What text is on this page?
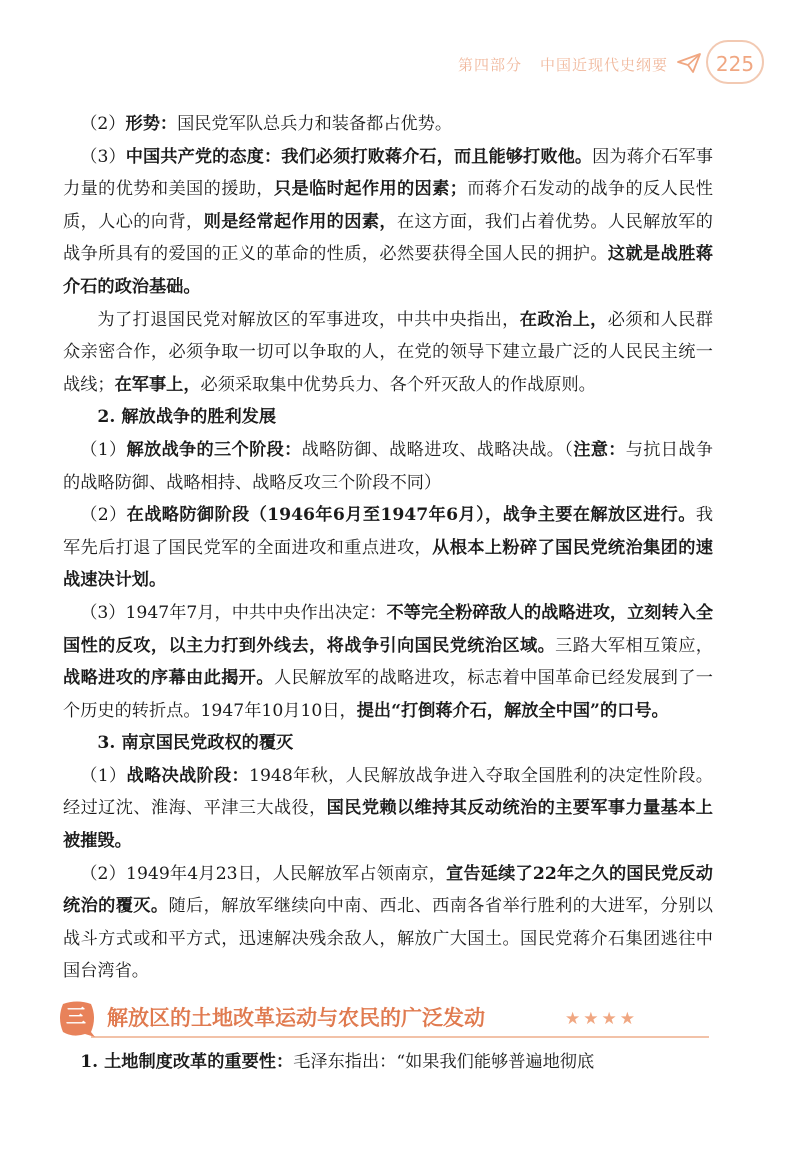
第四部分 中国近现代史纲要	225

（2）形势：国民党军队总兵力和装备都占优势。

（3）中国共产党的态度：我们必须打败蒋介石，而且能够打败他。因为蒋介石军事力量的优势和美国的援助，只是临时起作用的因素；而蒋介石发动的战争的反人民性质，人心的向背，则是经常起作用的因素，在这方面，我们占着优势。人民解放军的战争所具有的爱国的正义的革命的性质，必然要获得全国人民的拥护。这就是战胜蒋介石的政治基础。

为了打退国民党对解放区的军事进攻，中共中央指出，在政治上，必须和人民群众亲密合作，必须争取一切可以争取的人，在党的领导下建立最广泛的人民民主统一战线；在军事上，必须采取集中优势兵力、各个歼灭敌人的作战原则。

2. 解放战争的胜利发展

（1）解放战争的三个阶段：战略防御、战略进攻、战略决战。（注意：与抗日战争的战略防御、战略相持、战略反攻三个阶段不同）

（2）在战略防御阶段（1946年6月至1947年6月），战争主要在解放区进行。我军先后打退了国民党军的全面进攻和重点进攻，从根本上粉碎了国民党统治集团的速战速决计划。

（3）1947年7月，中共中央作出决定：不等完全粉碎敌人的战略进攻，立刻转入全国性的反攻，以主力打到外线去，将战争引向国民党统治区域。三路大军相互策应，战略进攻的序幕由此揭开。人民解放军的战略进攻，标志着中国革命已经发展到了一个历史的转折点。1947年10月10日，提出“打倒蒋介石，解放全中国”的口号。

3. 南京国民党政权的覆灭

（1）战略决战阶段：1948年秋，人民解放战争进入夺取全国胜利的决定性阶段。经过辽沈、淮海、平津三大战役，国民党赖以维持其反动统治的主要军事力量基本上被摧毁。

（2）1949年4月23日，人民解放军占领南京，宣告延续了22年之久的国民党反动统治的覆灭。随后，解放军继续向中南、西北、西南各省举行胜利的大进军，分别以战斗方式或和平方式，迅速解决残余敌人，解放广大国土。国民党蒋介石集团逃往中国台湾省。

三	解放区的土地改革运动与农民的广泛发动	★★★★

1. 土地制度改革的重要性：毛泽东指出：“如果我们能够普遍地彻底
